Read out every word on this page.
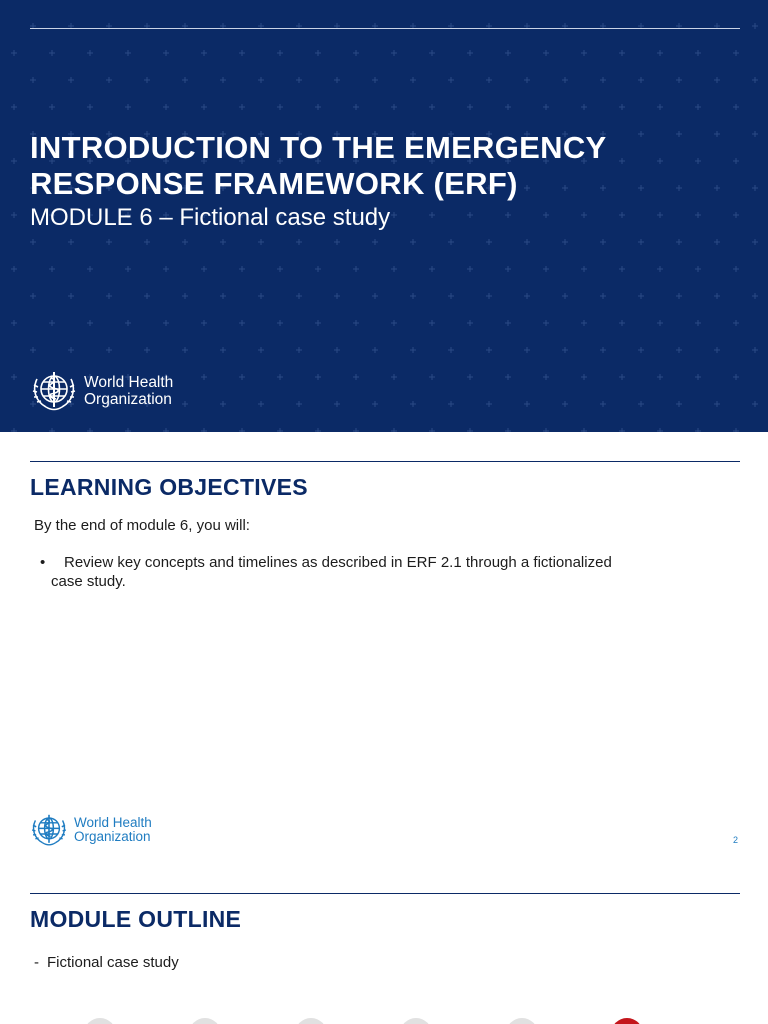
INTRODUCTION TO THE EMERGENCY
RESPONSE FRAMEWORK (ERF)
MODULE 6 – Fictional case study
World Health
Organization
LEARNING OBJECTIVES
By the end of module 6, you will:
•	Review key concepts and timelines as described in ERF 2.1 through a fictionalized
case study.
World Health
Organization	2
MODULE OUTLINE
- Fictional case study
